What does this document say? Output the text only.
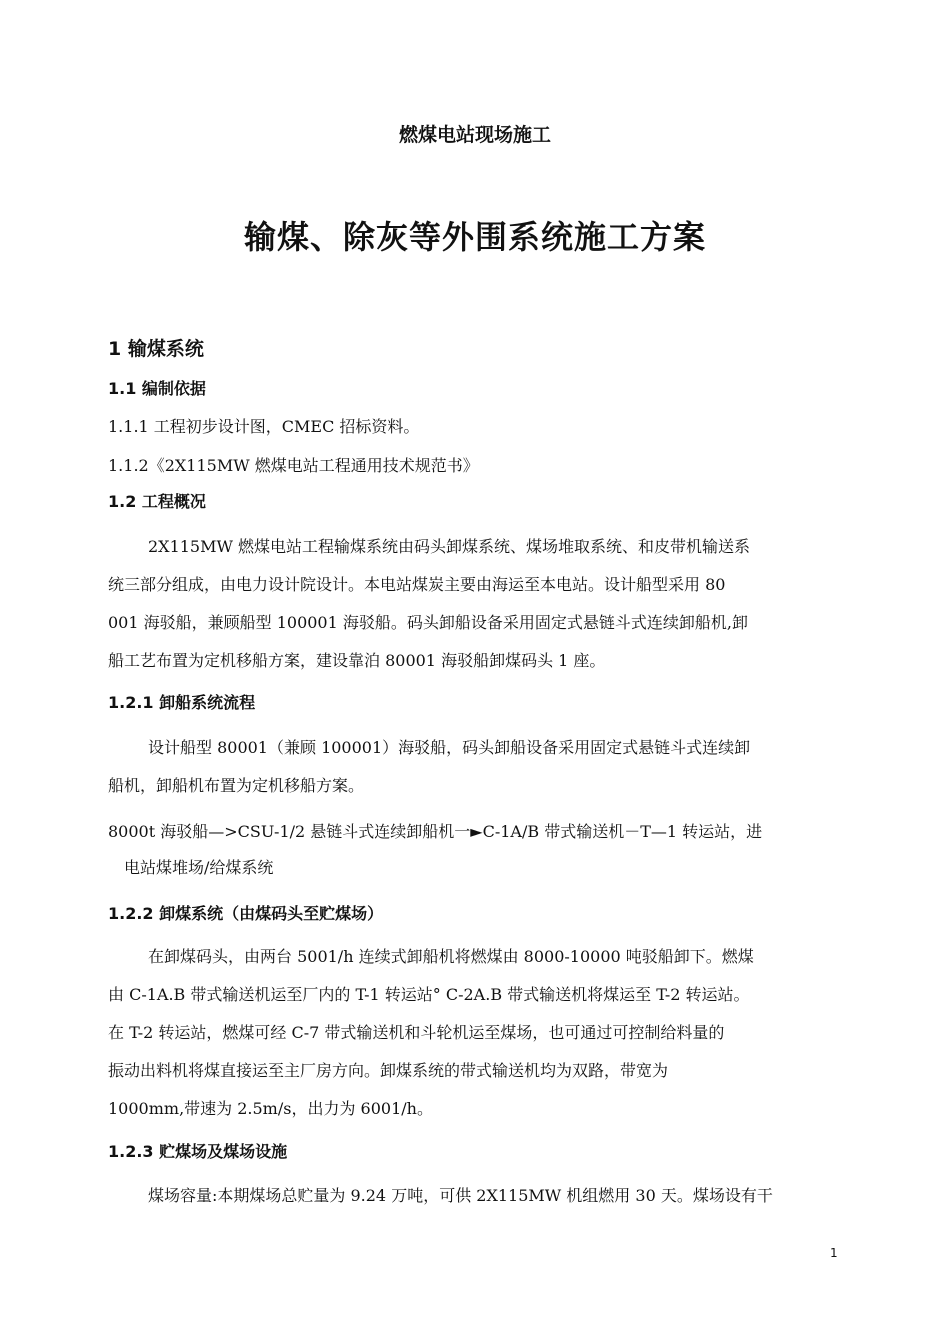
燃煤电站现场施工
输煤、除灰等外围系统施工方案
1 输煤系统
1.1 编制依据
1.1.1 工程初步设计图，CMEC 招标资料。
1.1.2《2X115MW 燃煤电站工程通用技术规范书》
1.2 工程概况
2X115MW 燃煤电站工程输煤系统由码头卸煤系统、煤场堆取系统、和皮带机输送系
统三部分组成，由电力设计院设计。本电站煤炭主要由海运至本电站。设计船型采用 80
001 海驳船，兼顾船型 100001 海驳船。码头卸船设备采用固定式悬链斗式连续卸船机,卸
船工艺布置为定机移船方案，建设靠泊 80001 海驳船卸煤码头 1 座。
1.2.1 卸船系统流程
设计船型 80001（兼顾 100001）海驳船，码头卸船设备采用固定式悬链斗式连续卸
船机，卸船机布置为定机移船方案。
8000t 海驳船—>CSU-1/2 悬链斗式连续卸船机一►C-1A/B 带式输送机－T—1 转运站，进
电站煤堆场/给煤系统
1.2.2 卸煤系统（由煤码头至贮煤场）
在卸煤码头，由两台 5001/h 连续式卸船机将燃煤由 8000-10000 吨驳船卸下。燃煤
由 C-1A.B 带式输送机运至厂内的 T-1 转运站° C-2A.B 带式输送机将煤运至 T-2 转运站。
在 T-2 转运站，燃煤可经 C-7 带式输送机和斗轮机运至煤场，也可通过可控制给料量的
振动出料机将煤直接运至主厂房方向。卸煤系统的带式输送机均为双路，带宽为
1000mm,带速为 2.5m/s，出力为 6001/h。
1.2.3 贮煤场及煤场设施
煤场容量:本期煤场总贮量为 9.24 万吨，可供 2X115MW 机组燃用 30 天。煤场设有干
1
